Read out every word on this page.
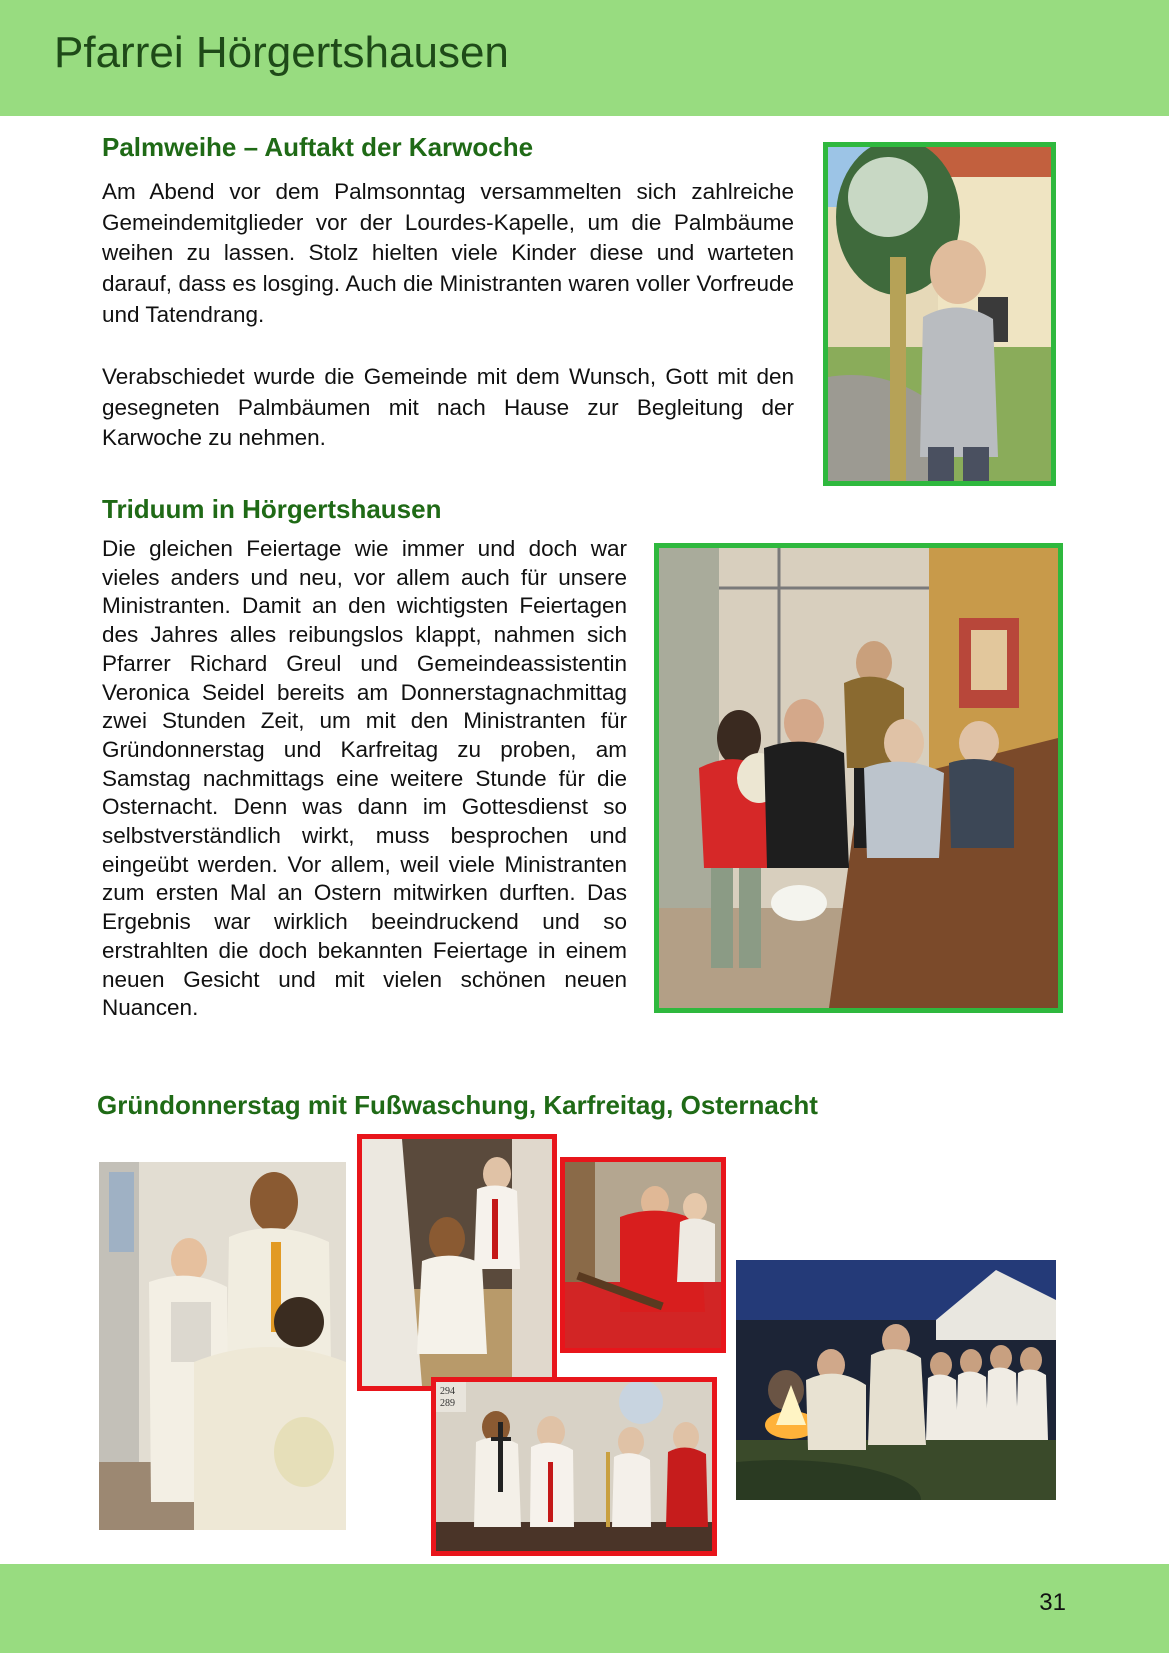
Pfarrei Hörgertshausen
Palmweihe – Auftakt der Karwoche

Am Abend vor dem Palmsonntag versammelten sich zahlreiche Gemeindemitglieder vor der Lourdes-Kapelle, um die Palmbäume weihen zu lassen. Stolz hielten viele Kinder diese und warteten darauf, dass es losging. Auch die Ministranten waren voller Vorfreude und Tatendrang.

Verabschiedet wurde die Gemeinde mit dem Wunsch, Gott mit den gesegneten Palmbäumen mit nach Hause zur Begleitung der Karwoche zu nehmen.

Triduum in Hörgertshausen

Die gleichen Feiertage wie immer und doch war vieles anders und neu, vor allem auch für unsere Ministranten. Damit an den wichtigsten Feiertagen des Jahres alles reibungslos klappt, nahmen sich Pfarrer Richard Greul und Gemeindeassistentin Veronica Seidel bereits am Donnerstagnachmittag zwei Stunden Zeit, um mit den Ministranten für Gründonnerstag und Karfreitag zu proben, am Samstag nachmittags eine weitere Stunde für die Osternacht. Denn was dann im Gottesdienst so selbstverständlich wirkt, muss besprochen und eingeübt werden. Vor allem, weil viele Ministranten zum ersten Mal an Ostern mitwirken durften. Das Ergebnis war wirklich beeindruckend und so erstrahlten die doch bekannten Feiertage in einem neuen Gesicht und mit vielen schönen neuen Nuancen.

Gründonnerstag mit Fußwaschung, Karfreitag, Osternacht
294
289
31
